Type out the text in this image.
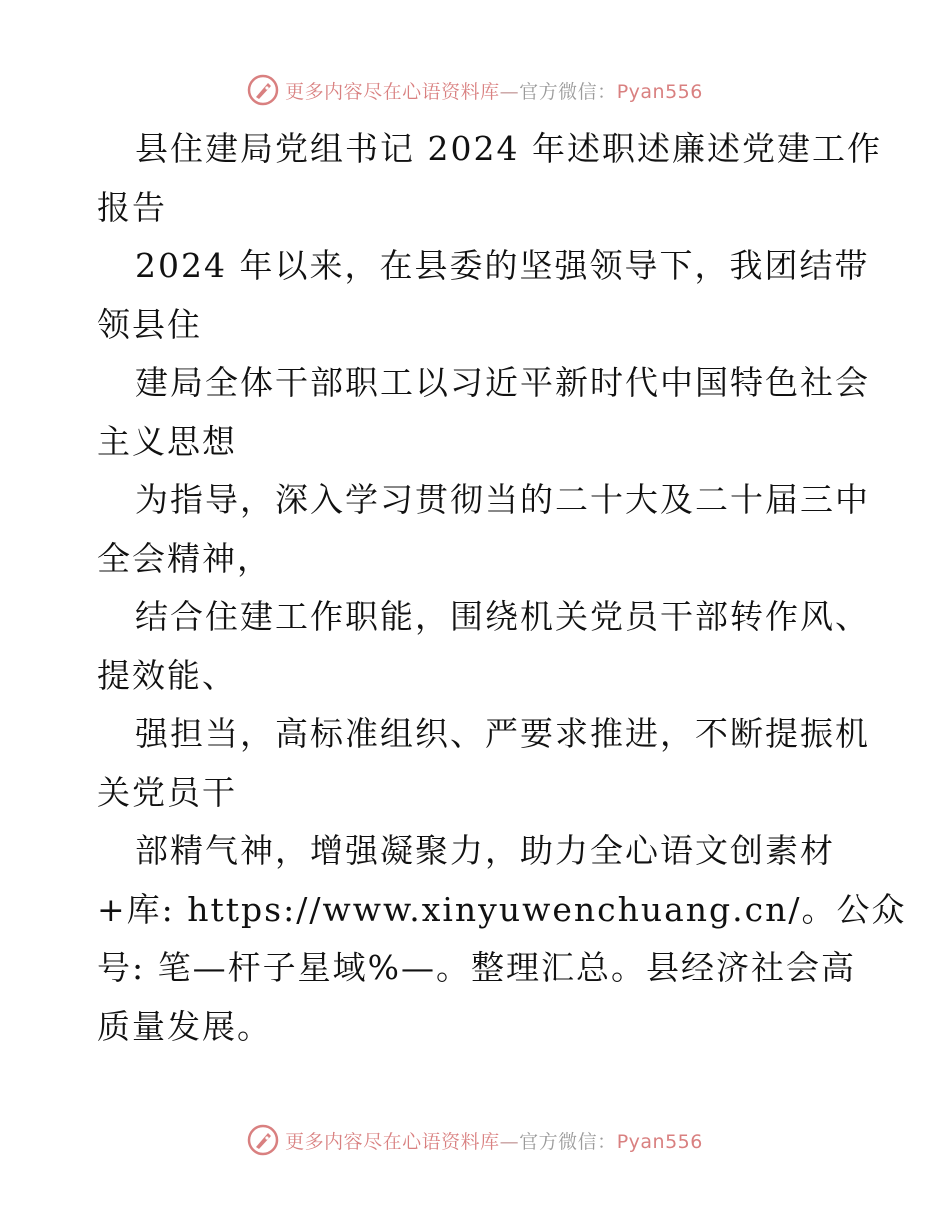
更多内容尽在心语资料库—官方微信：Pyan556
县住建局党组书记 2024 年述职述廉述党建工作
报告
2024 年以来，在县委的坚强领导下，我团结带
领县住
建局全体干部职工以习近平新时代中国特色社会
主义思想
为指导，深入学习贯彻当的二十大及二十届三中
全会精神，
结合住建工作职能，围绕机关党员干部转作风、
提效能、
强担当，高标准组织、严要求推进，不断提振机
关党员干
部精气神，增强凝聚力，助力全心语文创素材
+库: https://www.xinyuwenchuang.cn/。公众
号: 笔—杆子星域%—。整理汇总。县经济社会高
质量发展。
更多内容尽在心语资料库—官方微信：Pyan556
